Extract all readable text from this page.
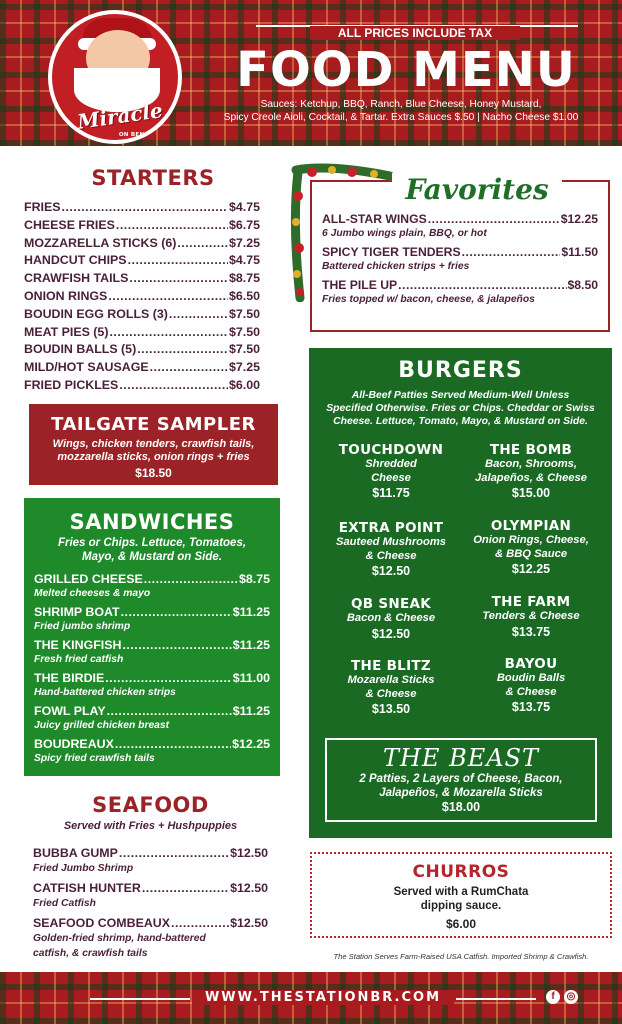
Miracle
ON BENNINGTON
ALL PRICES INCLUDE TAX
FOOD MENU
Sauces: Ketchup, BBQ, Ranch, Blue Cheese, Honey Mustard,
Spicy Creole Aioli, Cocktail, & Tartar. Extra Sauces $.50 | Nacho Cheese $1.00
STARTERS
FRIES .....	$4.75
CHEESE FRIES .....	$6.75
MOZZARELLA STICKS (6) .....	$7.25
HANDCUT CHIPS .....	$4.75
CRAWFISH TAILS .....	$8.75
ONION RINGS .....	$6.50
BOUDIN EGG ROLLS (3) .....	$7.50
MEAT PIES (5) .....	$7.50
BOUDIN BALLS (5) .....	$7.50
MILD/HOT SAUSAGE .....	$7.25
FRIED PICKLES .....	$6.00
TAILGATE SAMPLER
Wings, chicken tenders, crawfish tails,
mozzarella sticks, onion rings + fries
$18.50
SANDWICHES
Fries or Chips. Lettuce, Tomatoes,
Mayo, & Mustard on Side.
GRILLED CHEESE .....	$8.75
Melted cheeses & mayo
SHRIMP BOAT .....	$11.25
Fried jumbo shrimp
THE KINGFISH .....	$11.25
Fresh fried catfish
THE BIRDIE .....	$11.00
Hand-battered chicken strips
FOWL PLAY .....	$11.25
Juicy grilled chicken breast
BOUDREAUX .....	$12.25
Spicy fried crawfish tails
SEAFOOD
Served with Fries + Hushpuppies
BUBBA GUMP .....	$12.50
Fried Jumbo Shrimp
CATFISH HUNTER .....	$12.50
Fried Catfish
SEAFOOD COMBEAUX .....	$12.50
Golden-fried shrimp, hand-battered
catfish, & crawfish tails
ALL-STAR WINGS .....	$12.25
6 Jumbo wings plain, BBQ, or hot
SPICY TIGER TENDERS .....	$11.50
Battered chicken strips + fries
THE PILE UP .....	$8.50
Fries topped w/ bacon, cheese, & jalapeños
Favorites
BURGERS
All-Beef Patties Served Medium-Well Unless
Specified Otherwise. Fries or Chips. Cheddar or Swiss
Cheese. Lettuce, Tomato, Mayo, & Mustard on Side.
TOUCHDOWN
Shredded
Cheese
$11.75
THE BOMB
Bacon, Shrooms,
Jalapeños, & Cheese
$15.00
EXTRA POINT
Sauteed Mushrooms
& Cheese
$12.50
OLYMPIAN
Onion Rings, Cheese,
& BBQ Sauce
$12.25
QB SNEAK
Bacon & Cheese
$12.50
THE FARM
Tenders & Cheese
$13.75
THE BLITZ
Mozarella Sticks
& Cheese
$13.50
BAYOU
Boudin Balls
& Cheese
$13.75
THE BEAST
2 Patties, 2 Layers of Cheese, Bacon,
Jalapeños, & Mozarella Sticks
$18.00
CHURROS
Served with a RumChata
dipping sauce.
$6.00
The Station Serves Farm-Raised USA Catfish. Imported Shrimp & Crawfish.
WWW.THESTATIONBR.COM	f	◎
